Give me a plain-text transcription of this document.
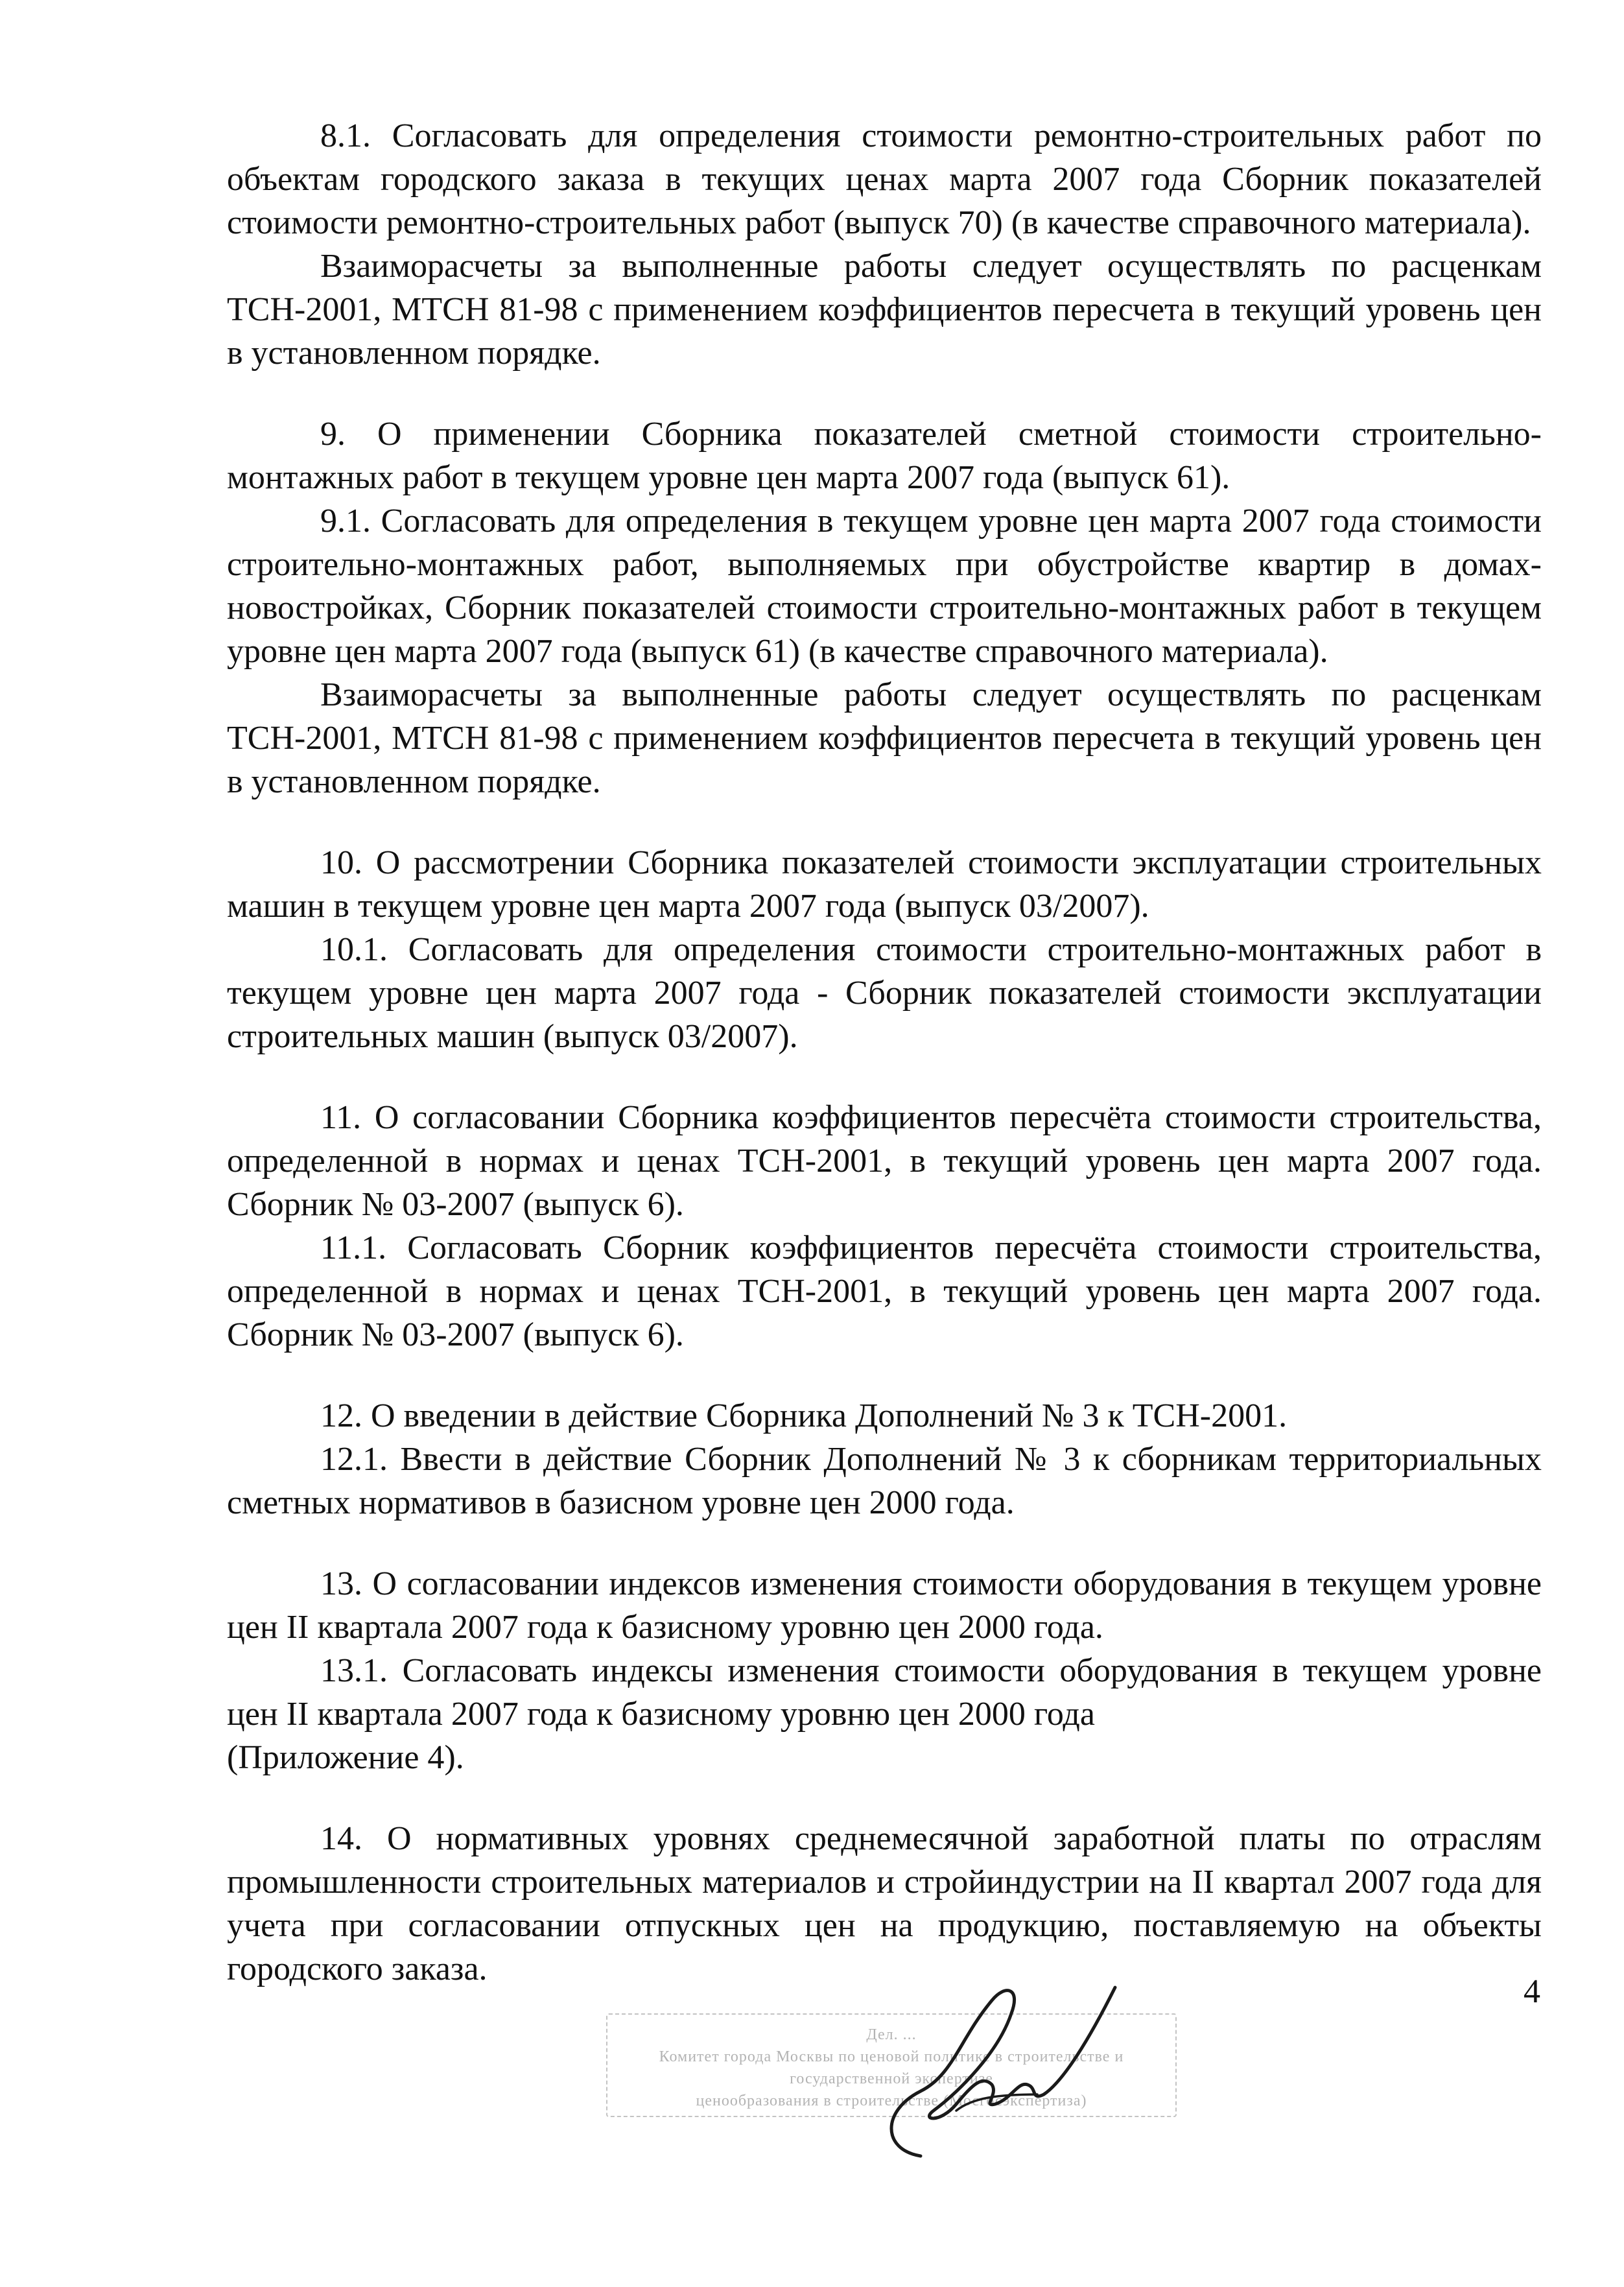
8.1. Согласовать для определения стоимости ремонтно-строительных работ по объектам городского заказа в текущих ценах марта 2007 года Сборник показателей стоимости ремонтно-строительных работ (выпуск 70) (в качестве справочного материала).

Взаиморасчеты за выполненные работы следует осуществлять по расценкам ТСН-2001, МТСН 81-98 с применением коэффициентов пересчета в текущий уровень цен в установленном порядке.

9. О применении Сборника показателей сметной стоимости строительно-монтажных работ в текущем уровне цен марта 2007 года (выпуск 61).

9.1. Согласовать для определения в текущем уровне цен марта 2007 года стоимости строительно-монтажных работ, выполняемых при обустройстве квартир в домах-новостройках, Сборник показателей стоимости строительно-монтажных работ в текущем уровне цен марта 2007 года (выпуск 61) (в качестве справочного материала).

Взаиморасчеты за выполненные работы следует осуществлять по расценкам ТСН-2001, МТСН 81-98 с применением коэффициентов пересчета в текущий уровень цен в установленном порядке.

10. О рассмотрении Сборника показателей стоимости эксплуатации строительных машин в текущем уровне цен марта 2007 года (выпуск 03/2007).

10.1. Согласовать для определения стоимости строительно-монтажных работ в текущем уровне цен марта 2007 года - Сборник показателей стоимости эксплуатации строительных машин (выпуск 03/2007).

11. О согласовании Сборника коэффициентов пересчёта стоимости строительства, определенной в нормах и ценах ТСН-2001, в текущий уровень цен марта 2007 года. Сборник № 03-2007 (выпуск 6).

11.1. Согласовать Сборник коэффициентов пересчёта стоимости строительства, определенной в нормах и ценах ТСН-2001, в текущий уровень цен марта 2007 года. Сборник № 03-2007 (выпуск 6).

12. О введении в действие Сборника Дополнений № 3 к ТСН-2001.

12.1. Ввести в действие Сборник Дополнений № 3 к сборникам территориальных сметных нормативов в базисном уровне цен 2000 года.

13. О согласовании индексов изменения стоимости оборудования в текущем уровне цен II квартала 2007 года к базисному уровню цен 2000 года.

13.1. Согласовать индексы изменения стоимости оборудования в текущем уровне цен II квартала 2007 года к базисному уровню цен 2000 года

(Приложение 4).

14. О нормативных уровнях среднемесячной заработной платы по отраслям промышленности строительных материалов и стройиндустрии на II квартал 2007 года для учета при согласовании отпускных цен на продукцию, поставляемую на объекты городского заказа.

4
Дел. ...
Комитет города Москвы по ценовой политике в строительстве и государственной экспертизе
ценообразования в строительстве (Мосгосэкспертиза)
